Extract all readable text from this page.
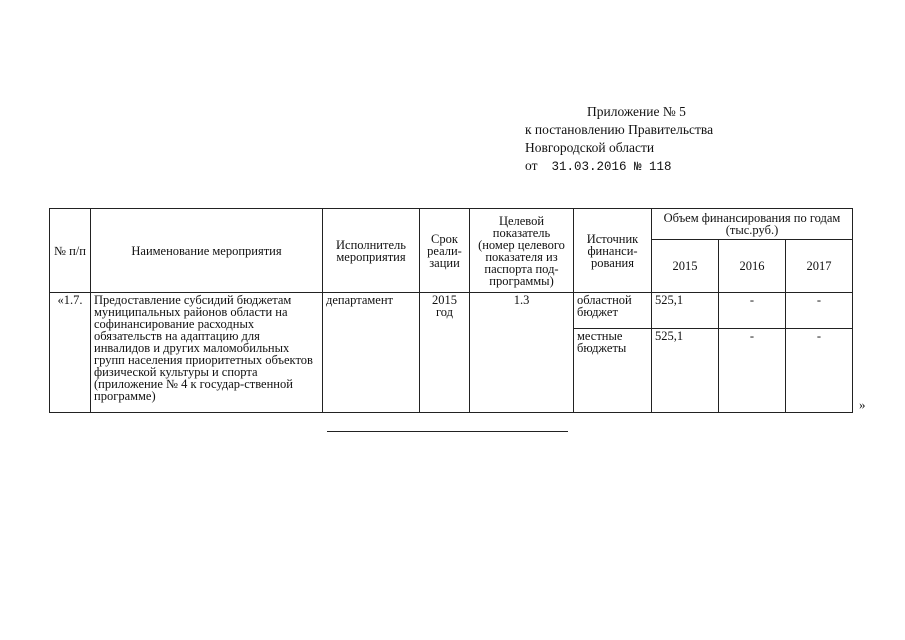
Приложение № 5
к постановлению Правительства
Новгородской области
от 31.03.2016 № 118
№ п/п	Наименование мероприятия	Исполнитель мероприятия	Срок реали-зации	Целевой показатель (номер целевого показателя из паспорта под-программы)	Источник финанси-рования	Объем финансирования по годам (тыс.руб.)		
						2015	2016	2017
«1.7.	Предоставление субсидий бюджетам муниципальных районов области на софинансирование расходных обязательств на адаптацию для инвалидов и других маломобильных групп населения приоритетных объектов физической культуры и спорта (приложение № 4 к государ-ственной программе)	департамент	2015 год	1.3	областной бюджет	525,1	-	-
					местные бюджеты	525,1	-	-
»
